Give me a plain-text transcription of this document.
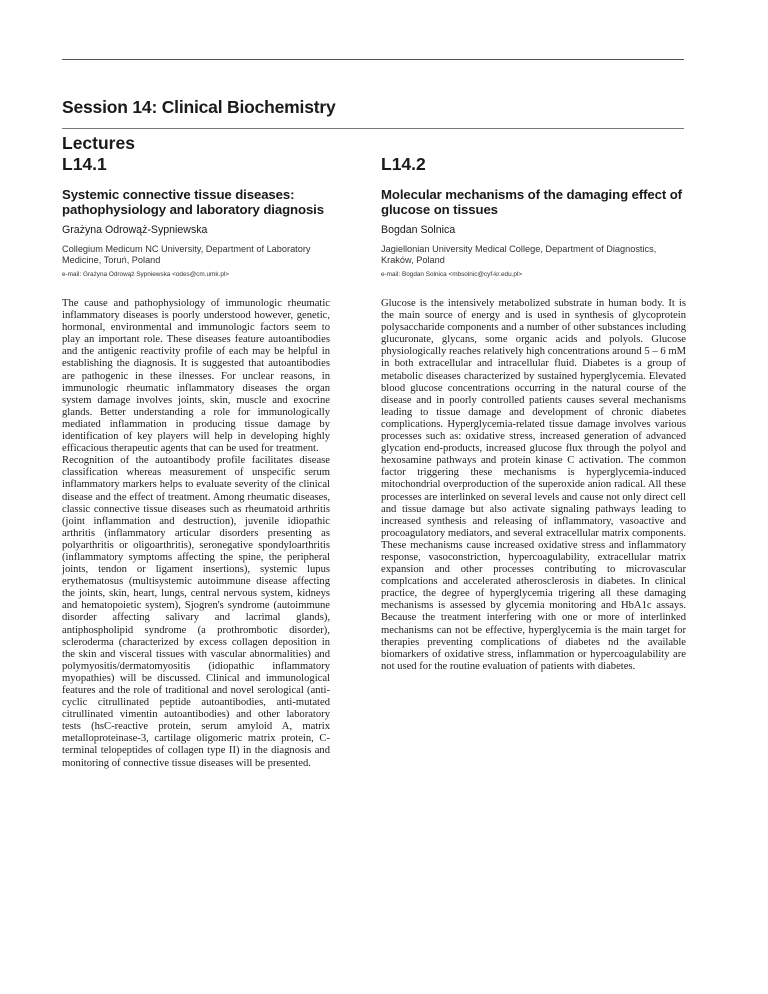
Session 14: Clinical Biochemistry
Lectures
L14.1
Systemic connective tissue diseases: pathophysiology and laboratory diagnosis

Grażyna Odrowąż-Sypniewska

Collegium Medicum NC University, Department of Laboratory Medicine, Toruń, Poland

e-mail: Grażyna Odrowąż Sypniewska <odes@cm.umk.pl>

The cause and pathophysiology of immunologic rheumatic inflammatory diseases is poorly understood however, genetic, hormonal, environmental and immunologic factors seem to play an important role. These diseases feature autoantibodies and the antigenic reactivity profile of each may be helpful in establishing the diagnosis. It is suggested that autoantibodies are pathogenic in these ilnesses. For unclear reasons, in immunologic rheumatic inflammatory diseases the organ system damage involves joints, skin, muscle and exocrine glands. Better understanding a role for immunologically mediated inflammation in producing tissue damage by identification of key players will help in developing highly efficacious therapeutic agents that can be used for treatment.

Recognition of the autoantibody profile facilitates disease classification whereas measurement of unspecific serum inflammatory markers helps to evaluate severity of the clinical disease and the effect of treatment. Among rheumatic diseases, classic connective tissue diseases such as rheumatoid arthritis (joint inflammation and destruction), juvenile idiopathic arthritis (inflammatory articular disorders presenting as polyarthritis or oligoarthritis), seronegative spondyloarthritis (inflammatory symptoms affecting the spine, the peripheral joints, tendon or ligament insertions), systemic lupus erythematosus (multisystemic autoimmune disease affecting the joints, skin, heart, lungs, central nervous system, kidneys and hematopoietic system), Sjogren's syndrome (autoimmune disorder affecting salivary and lacrimal glands), antiphospholipid syndrome (a prothrombotic disorder), scleroderma (characterized by excess collagen deposition in the skin and visceral tissues with vascular abnormalities) and polymyositis/dermatomyositis (idiopathic inflammatory myopathies) will be discussed. Clinical and immunological features and the role of traditional and novel serological (anti-cyclic citrullinated peptide autoantibodies, anti-mutated citrullinated vimentin autoantibodies) and other laboratory tests (hsC-reactive protein, serum amyloid A, matrix metalloproteinase-3, cartilage oligomeric matrix protein, C-terminal telopeptides of collagen type II) in the diagnosis and monitoring of connective tissue diseases will be presented.

L14.2
Molecular mechanisms of the damaging effect of glucose on tissues

Bogdan Solnica

Jagiellonian University Medical College, Department of Diagnostics, Kraków, Poland

e-mail: Bogdan Solnica <mbsolnic@cyf-kr.edu.pl>

Glucose is the intensively metabolized substrate in human body. It is the main source of energy and is used in synthesis of glycoprotein polysaccharide components and a number of other substances including glucuronate, glycans, some organic acids and polyols. Glucose physiologically reaches relatively high concentrations around 5 – 6 mM in both extracellular and intracellular fluid. Diabetes is a group of metabolic diseases characterized by sustained hyperglycemia. Elevated blood glucose concentrations occurring in the natural course of the disease and in poorly controlled patients causes several mechanisms leading to tissue damage and development of chronic diabetes complications. Hyperglycemia-related tissue damage involves various processes such as: oxidative stress, increased generation of advanced glycation end-products, increased glucose flux through the polyol and hexosamine pathways and protein kinase C activation. The common factor triggering these mechanisms is hyperglycemia-induced mitochondrial overproduction of the superoxide anion radical. All these processes are interlinked on several levels and cause not only direct cell and tissue damage but also activate signaling pathways leading to increased synthesis and releasing of inflammatory, vasoactive and procoagulatory mediators, and several extracellular matrix components. These mechanisms cause increased oxidative stress and inflammatory response, vasoconstriction, hypercoagulability, extracellular matrix expansion and other processes contributing to microvascular complcations and accelerated atherosclerosis in diabetes. In clinical practice, the degree of hyperglycemia trigering all these damaging mechanisms is assessed by glycemia monitoring and HbA1c assays. Because the treatment interfering with one or more of interlinked mechanisms can not be effective, hyperglycemia is the main target for therapies preventing complications of diabetes nd the available biomarkers of oxidative stress, inflammation or hypercoagulability are not used for the routine evaluation of patients with diabetes.
